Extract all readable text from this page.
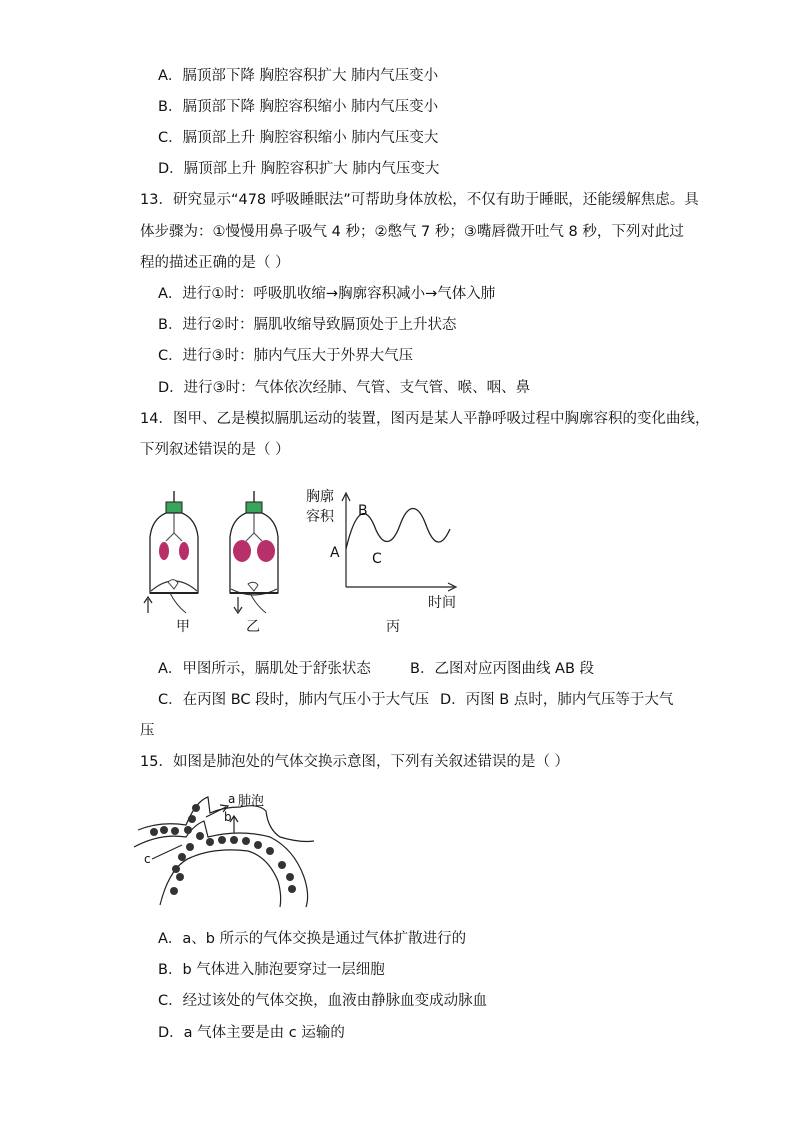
A．膈顶部下降 胸腔容积扩大 肺内气压变小
B．膈顶部下降 胸腔容积缩小 肺内气压变小
C．膈顶部上升 胸腔容积缩小 肺内气压变大
D．膈顶部上升 胸腔容积扩大 肺内气压变大
13．研究显示“478 呼吸睡眠法”可帮助身体放松，不仅有助于睡眠，还能缓解焦虑。具
体步骤为：①慢慢用鼻子吸气 4 秒；②憋气 7 秒；③嘴唇微开吐气 8 秒，下列对此过
程的描述正确的是（ ）
A．进行①时：呼吸肌收缩→胸廓容积减小→气体入肺
B．进行②时：膈肌收缩导致膈顶处于上升状态
C．进行③时：肺内气压大于外界大气压
D．进行③时：气体依次经肺、气管、支气管、喉、咽、鼻
14．图甲、乙是模拟膈肌运动的装置，图丙是某人平静呼吸过程中胸廓容积的变化曲线，
下列叙述错误的是（ ）
胸廓
容积
时间
A
B
C
甲	乙	丙
A．甲图所示，膈肌处于舒张状态	B．乙图对应丙图曲线 AB 段
C．在丙图 BC 段时，肺内气压小于大气压 D．丙图 B 点时，肺内气压等于大气
压
15．如图是肺泡处的气体交换示意图，下列有关叙述错误的是（ ）
a 肺泡
b
c
A．a、b 所示的气体交换是通过气体扩散进行的
B．b 气体进入肺泡要穿过一层细胞
C．经过该处的气体交换，血液由静脉血变成动脉血
D．a 气体主要是由 c 运输的
